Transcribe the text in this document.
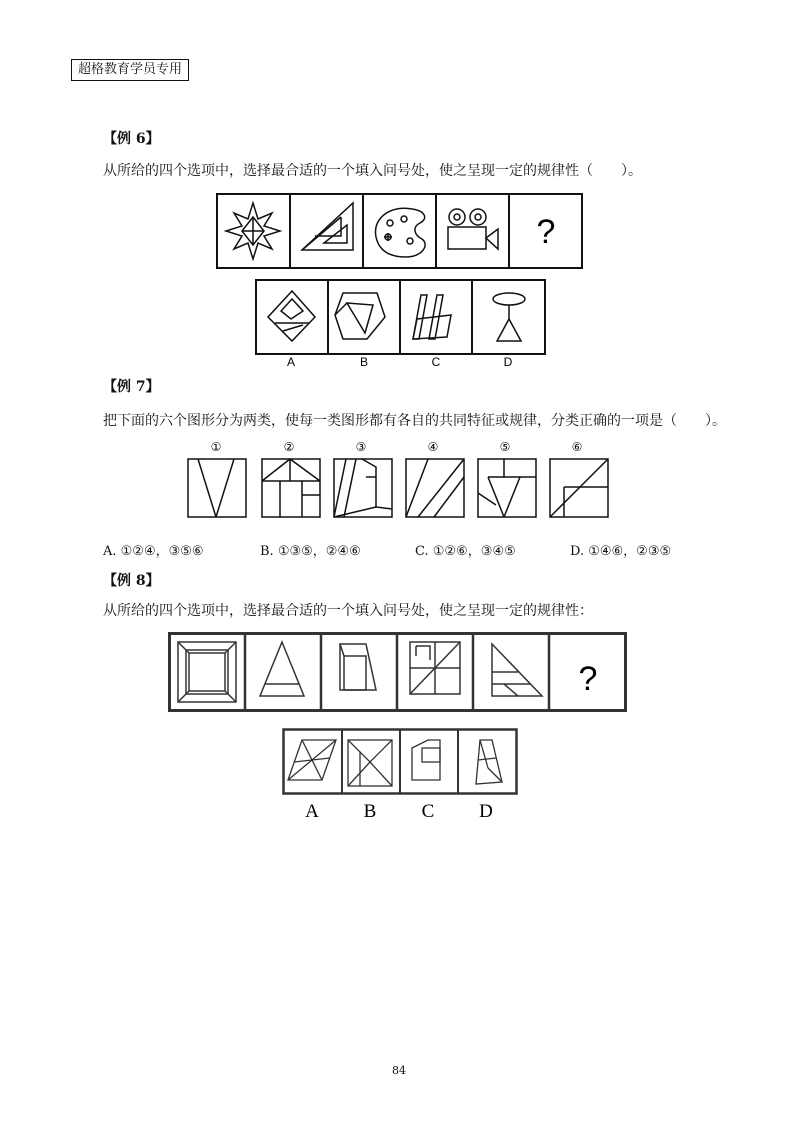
超格教育学员专用
【例 6】
从所给的四个选项中，选择最合适的一个填入问号处，使之呈现一定的规律性（　　）。
?
A	B	C	D
【例 7】
把下面的六个图形分为两类，使每一类图形都有各自的共同特征或规律，分类正确的一项是（　　）。
①	②	③	④	⑤	⑥
A. ①②④，③⑤⑥	B. ①③⑤，②④⑥	C. ①②⑥，③④⑤	D. ①④⑥，②③⑤
【例 8】
从所给的四个选项中，选择最合适的一个填入问号处，使之呈现一定的规律性：
?
A B C D
84
